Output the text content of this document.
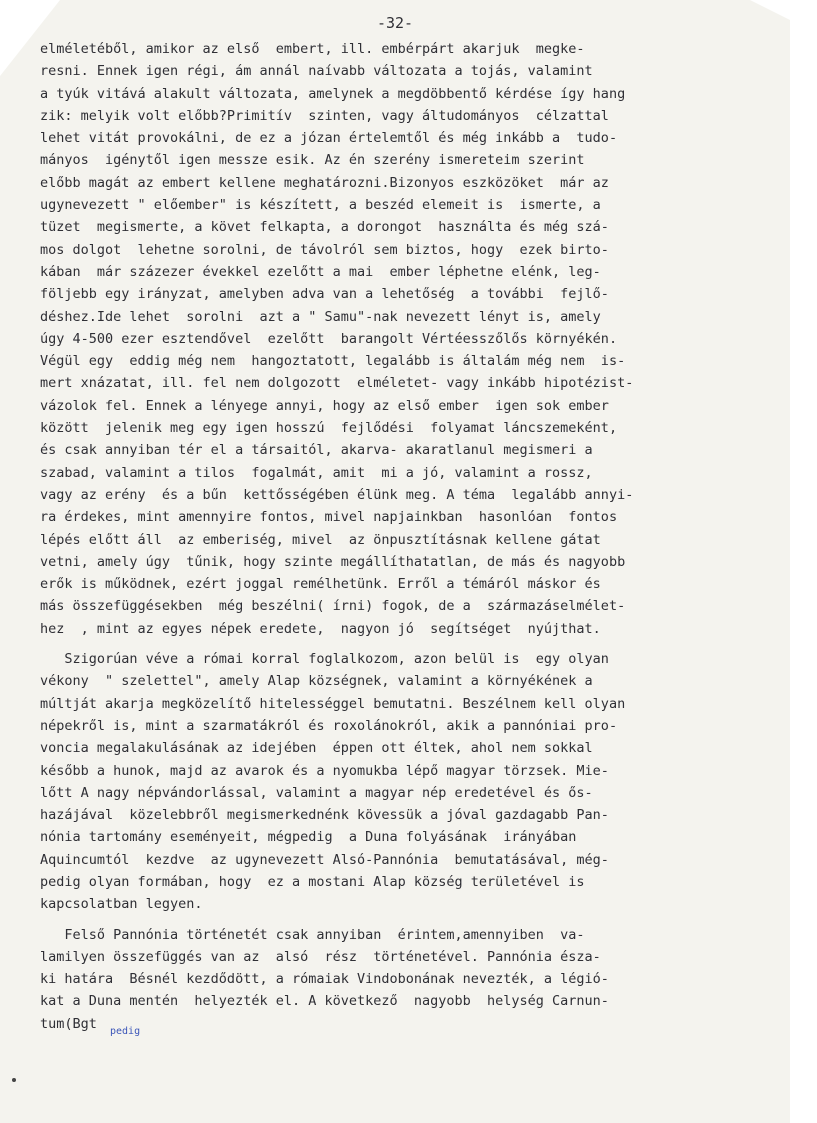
-32-
elméletéből, amikor az első  embert, ill. embérpárt akarjuk  megke-
resni. Ennek igen régi, ám annál naívabb változata a tojás, valamint
a tyúk vitává alakult változata, amelynek a megdöbbentő kérdése így hang
zik: melyik volt előbb?Primitív  szinten, vagy áltudományos  célzattal
lehet vitát provokálni, de ez a józan értelemtől és még inkább a  tudo-
mányos  igénytől igen messze esik. Az én szerény ismereteim szerint
előbb magát az embert kellene meghatározni.Bizonyos eszközöket  már az
ugynevezett " előember" is készített, a beszéd elemeit is  ismerte, a
tüzet  megismerte, a követ felkapta, a dorongot  használta és még szá-
mos dolgot  lehetne sorolni, de távolról sem biztos, hogy  ezek birto-
kában  már százezer évekkel ezelőtt a mai  ember léphetne elénk, leg-
följebb egy irányzat, amelyben adva van a lehetőség  a további  fejlő-
déshez.Ide lehet  sorolni  azt a " Samu"-nak nevezett lényt is, amely
úgy 4-500 ezer esztendővel  ezelőtt  barangolt Vértéesszőlős környékén.
Végül egy  eddig még nem  hangoztatott, legalább is általám még nem  is-
mert xnázatat, ill. fel nem dolgozott  elméletet- vagy inkább hipotézist-
vázolok fel. Ennek a lényege annyi, hogy az első ember  igen sok ember
között  jelenik meg egy igen hosszú  fejlődési  folyamat láncszemeként,
és csak annyiban tér el a társaitól, akarva- akaratlanul megismeri a
szabad, valamint a tilos  fogalmát, amit  mi a jó, valamint a rossz,
vagy az erény  és a bűn  kettősségében élünk meg. A téma  legalább annyi-
ra érdekes, mint amennyire fontos, mivel napjainkban  hasonlóan  fontos
lépés előtt áll  az emberiség, mivel  az önpusztításnak kellene gátat
vetni, amely úgy  tűnik, hogy szinte megállíthatatlan, de más és nagyobb
erők is működnek, ezért joggal remélhetünk. Erről a témáról máskor és
más összefüggésekben  még beszélni( írni) fogok, de a  származáselmélet-
hez  , mint az egyes népek eredete,  nagyon jó  segítséget  nyújthat.
Szigorúan véve a római korral foglalkozom, azon belül is  egy olyan
vékony  " szelettel", amely Alap községnek, valamint a környékének a
múltját akarja megközelítő hitelességgel bemutatni. Beszélnem kell olyan
népekről is, mint a szarmatákról és roxolánokról, akik a pannóniai pro-
voncia megalakulásának az idejében  éppen ott éltek, ahol nem sokkal
később a hunok, majd az avarok és a nyomukba lépő magyar törzsek. Mie-
lőtt A nagy népvándorlással, valamint a magyar nép eredetével és ős-
hazájával  közelebbről megismerkednénk kövessük a jóval gazdagabb Pan-
nónia tartomány eseményeit, mégpedig  a Duna folyásának  irányában
Aquincumtól  kezdve  az ugynevezett Alsó-Pannónia  bemutatásával, még-
pedig olyan formában, hogy  ez a mostani Alap község területével is
kapcsolatban legyen.
Felső Pannónia történetét csak annyiban  érintem,amennyiben  va-
lamilyen összefüggés van az  alsó  rész  történetével. Pannónia észa-
ki határa  Bésnél kezdődött, a rómaiak Vindobonának nevezték, a légió-
kat a Duna mentén  helyezték el. A következő  nagyobb  helység Carnun-
tum(Bgt	pedig
